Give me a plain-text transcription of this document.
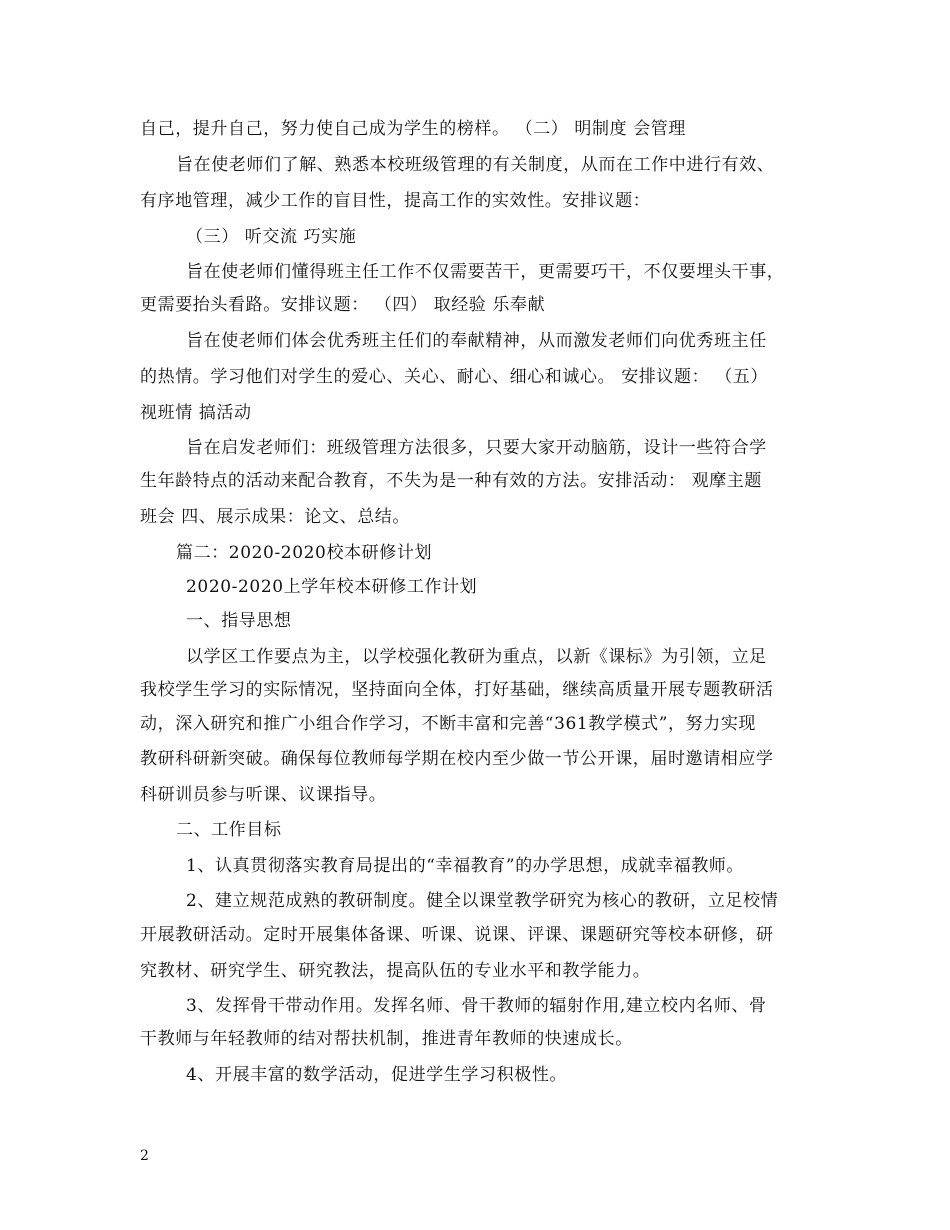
自己，提升自己，努力使自己成为学生的榜样。 （二） 明制度 会管理
旨在使老师们了解、熟悉本校班级管理的有关制度，从而在工作中进行有效、
有序地管理，减少工作的盲目性，提高工作的实效性。安排议题：
（三） 听交流 巧实施
旨在使老师们懂得班主任工作不仅需要苦干，更需要巧干，不仅要埋头干事，
更需要抬头看路。安排议题： （四） 取经验 乐奉献
旨在使老师们体会优秀班主任们的奉献精神，从而激发老师们向优秀班主任
的热情。学习他们对学生的爱心、关心、耐心、细心和诚心。 安排议题： （五）
视班情 搞活动
旨在启发老师们：班级管理方法很多，只要大家开动脑筋，设计一些符合学
生年龄特点的活动来配合教育，不失为是一种有效的方法。安排活动： 观摩主题
班会 四、展示成果：论文、总结。
篇二：2020-2020校本研修计划
2020-2020上学年校本研修工作计划
一、指导思想
以学区工作要点为主，以学校强化教研为重点，以新《课标》为引领，立足
我校学生学习的实际情况，坚持面向全体，打好基础，继续高质量开展专题教研活
动，深入研究和推广小组合作学习，不断丰富和完善“361教学模式”，努力实现
教研科研新突破。确保每位教师每学期在校内至少做一节公开课，届时邀请相应学
科研训员参与听课、议课指导。
二、工作目标
1、认真贯彻落实教育局提出的“幸福教育”的办学思想，成就幸福教师。
2、建立规范成熟的教研制度。健全以课堂教学研究为核心的教研，立足校情
开展教研活动。定时开展集体备课、听课、说课、评课、课题研究等校本研修，研
究教材、研究学生、研究教法，提高队伍的专业水平和教学能力。
3、发挥骨干带动作用。发挥名师、骨干教师的辐射作用,建立校内名师、骨
干教师与年轻教师的结对帮扶机制，推进青年教师的快速成长。
4、开展丰富的数学活动，促进学生学习积极性。
2
